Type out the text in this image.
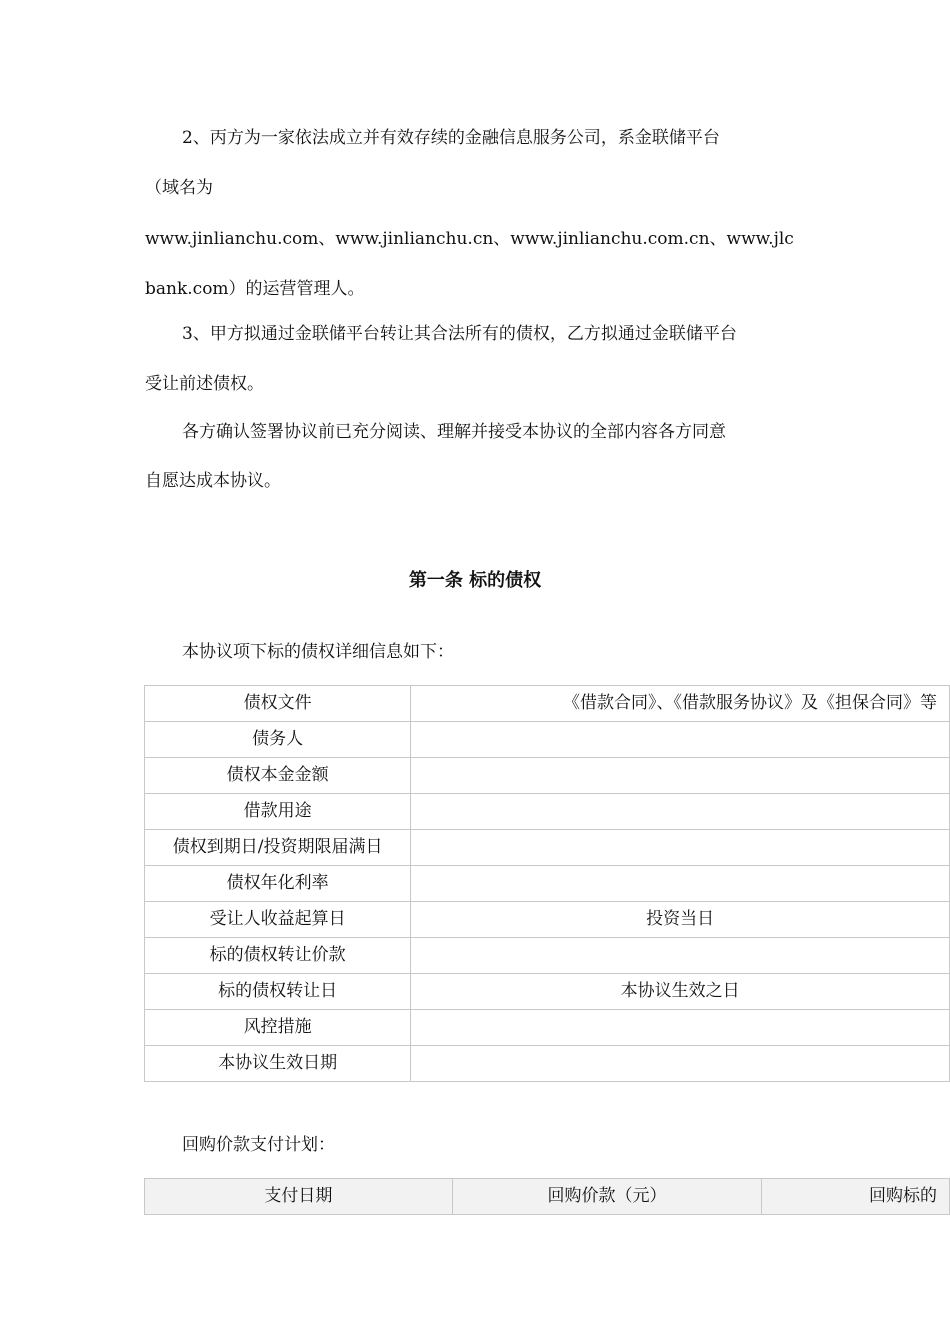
2、丙方为一家依法成立并有效存续的金融信息服务公司，系金联储平台
（域名为
www.jinlianchu.com、www.jinlianchu.cn、www.jinlianchu.com.cn、www.jlc
bank.com）的运营管理人。
3、甲方拟通过金联储平台转让其合法所有的债权，乙方拟通过金联储平台
受让前述债权。
各方确认签署协议前已充分阅读、理解并接受本协议的全部内容各方同意
自愿达成本协议。
第一条 标的债权
本协议项下标的债权详细信息如下：
债权文件	《借款合同》、《借款服务协议》及《担保合同》等
债务人	
债权本金金额	
借款用途	
债权到期日/投资期限届满日	
债权年化利率	
受让人收益起算日	投资当日
标的债权转让价款	
标的债权转让日	本协议生效之日
风控措施	
本协议生效日期	
回购价款支付计划：
支付日期	回购价款（元）	回购标的
